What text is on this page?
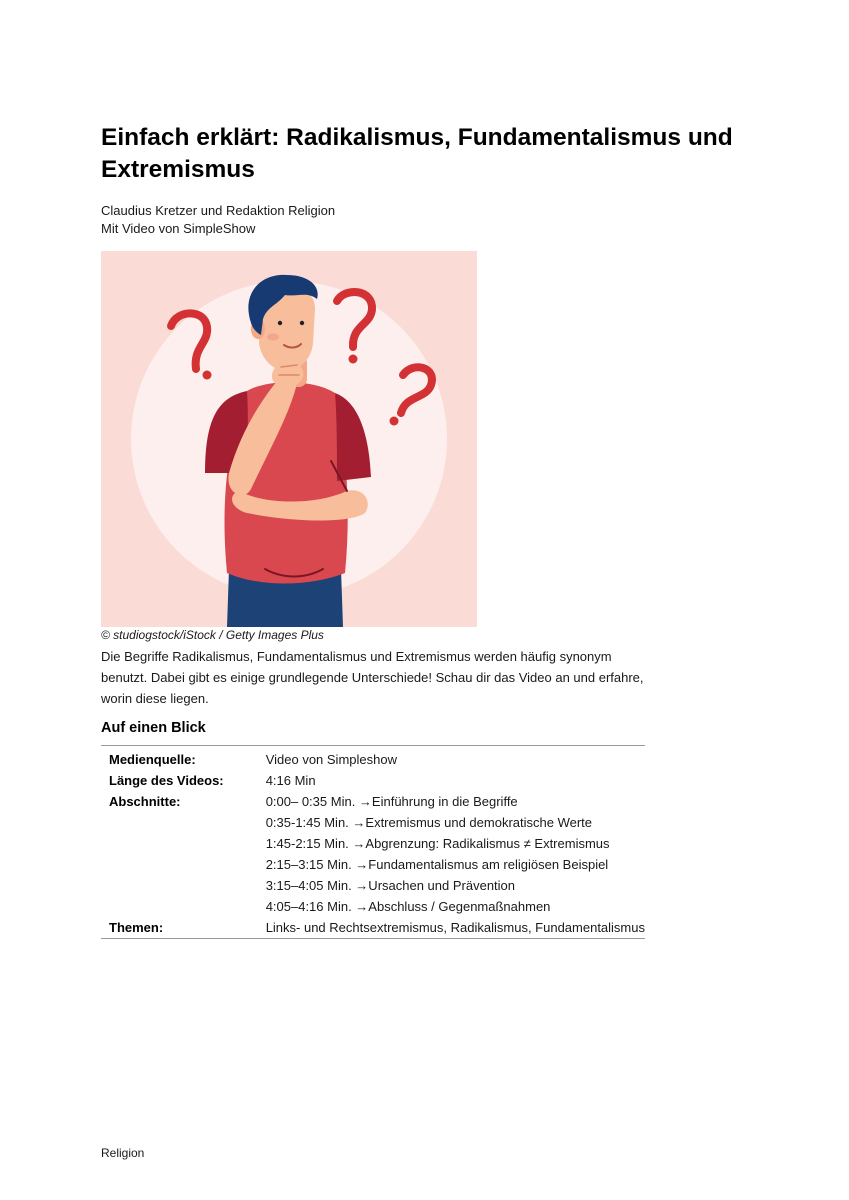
Einfach erklärt: Radikalismus, Fundamentalismus und Extremismus
Claudius Kretzer und Redaktion Religion
Mit Video von SimpleShow
© studiogstock/iStock / Getty Images Plus

Die Begriffe Radikalismus, Fundamentalismus und Extremismus werden häufig synonym benutzt. Dabei gibt es einige grundlegende Unterschiede! Schau dir das Video an und erfahre, worin diese liegen.

Auf einen Blick
Medienquelle:	Video von Simpleshow
Länge des Videos:	4:16 Min
Abschnitte:	0:00– 0:35 Min. →Einführung in die Begriffe
	0:35-1:45 Min. →Extremismus und demokratische Werte
	1:45-2:15 Min. →Abgrenzung: Radikalismus ≠ Extremismus
	2:15–3:15 Min. →Fundamentalismus am religiösen Beispiel
	3:15–4:05 Min. →Ursachen und Prävention
	4:05–4:16 Min. →Abschluss / Gegenmaßnahmen
Themen:	Links- und Rechtsextremismus, Radikalismus, Fundamentalismus
Religion
